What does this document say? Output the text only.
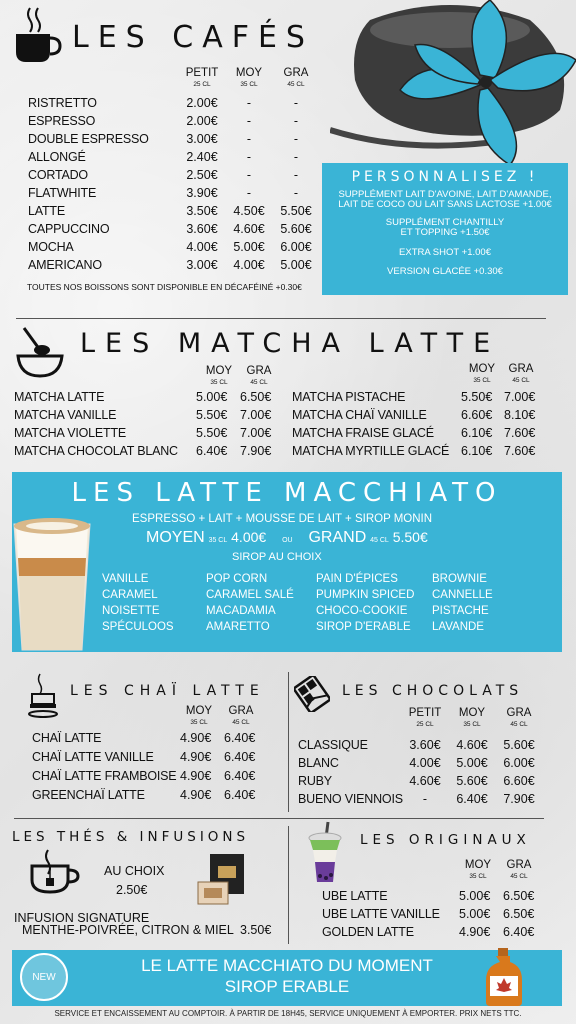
LES CAFÉS
PETIT
25 CL
MOY
35 CL
GRA
45 CL
RISTRETTO	2.00€	-	-
ESPRESSO	2.00€	-	-
DOUBLE ESPRESSO	3.00€	-	-
ALLONGÉ	2.40€	-	-
CORTADO	2.50€	-	-
FLATWHITE	3.90€	-	-
LATTE	3.50€	4.50€	5.50€
CAPPUCCINO	3.60€	4.60€	5.60€
MOCHA	4.00€	5.00€	6.00€
AMERICANO	3.00€	4.00€	5.00€
TOUTES NOS BOISSONS SONT DISPONIBLE EN DÉCAFÉINÉ +0.30€
PERSONNALISEZ !
SUPPLÉMENT LAIT D'AVOINE, LAIT D'AMANDE, LAIT DE COCO OU LAIT SANS LACTOSE +1.00€
SUPPLÉMENT CHANTILLY ET TOPPING +1.50€
EXTRA SHOT +1.00€
VERSION GLACÉE +0.30€
LES MATCHA LATTE
MOY
35 CL
GRA
45 CL
MOY
35 CL
GRA
45 CL
MATCHA LATTE	5.00€ 6.50€
MATCHA VANILLE	5.50€ 7.00€
MATCHA VIOLETTE	5.50€ 7.00€
MATCHA CHOCOLAT BLANC 6.40€ 7.90€
MATCHA PISTACHE	5.50€ 7.00€
MATCHA CHAÏ VANILLE	6.60€ 8.10€
MATCHA FRAISE GLACÉ 6.10€ 7.60€
MATCHA MYRTILLE GLACÉ 6.10€ 7.60€
LES LATTE MACCHIATO
ESPRESSO + LAIT + MOUSSE DE LAIT + SIROP MONIN
MOYEN 35 CL 4.00€ OU GRAND 45 CL 5.50€
SIROP AU CHOIX
VANILLE
CARAMEL
NOISETTE
SPÉCULOOS
POP CORN
CARAMEL SALÉ
MACADAMIA
AMARETTO
PAIN D'ÉPICES
PUMPKIN SPICED
CHOCO-COOKIE
SIROP D'ERABLE
BROWNIE
CANNELLE
PISTACHE
LAVANDE
LES CHAÏ LATTE
MOY
35 CL
GRA
45 CL
CHAÏ LATTE	4.90€ 6.40€
CHAÏ LATTE VANILLE 4.90€ 6.40€
CHAÏ LATTE FRAMBOISE 4.90€ 6.40€
GREENCHAÏ LATTE	4.90€ 6.40€
LES CHOCOLATS
PETIT
25 CL
MOY
35 CL
GRA
45 CL
CLASSIQUE	3.60€	4.60€	5.60€
BLANC	4.00€	5.00€	6.00€
RUBY	4.60€	5.60€	6.60€
BUENO VIENNOIS	-	6.40€	7.90€
LES THÉS & INFUSIONS
AU CHOIX
2.50€
INFUSION SIGNATURE
MENTHE-POIVRÉE, CITRON & MIEL 3.50€
LES ORIGINAUX
MOY
35 CL
GRA
45 CL
UBE LATTE	5.00€ 6.50€
UBE LATTE VANILLE 5.00€ 6.50€
GOLDEN LATTE	4.90€ 6.40€
NEW
LE LATTE MACCHIATO DU MOMENT
SIROP ERABLE
SERVICE ET ENCAISSEMENT AU COMPTOIR. À PARTIR DE 18H45, SERVICE UNIQUEMENT À EMPORTER. PRIX NETS TTC.
